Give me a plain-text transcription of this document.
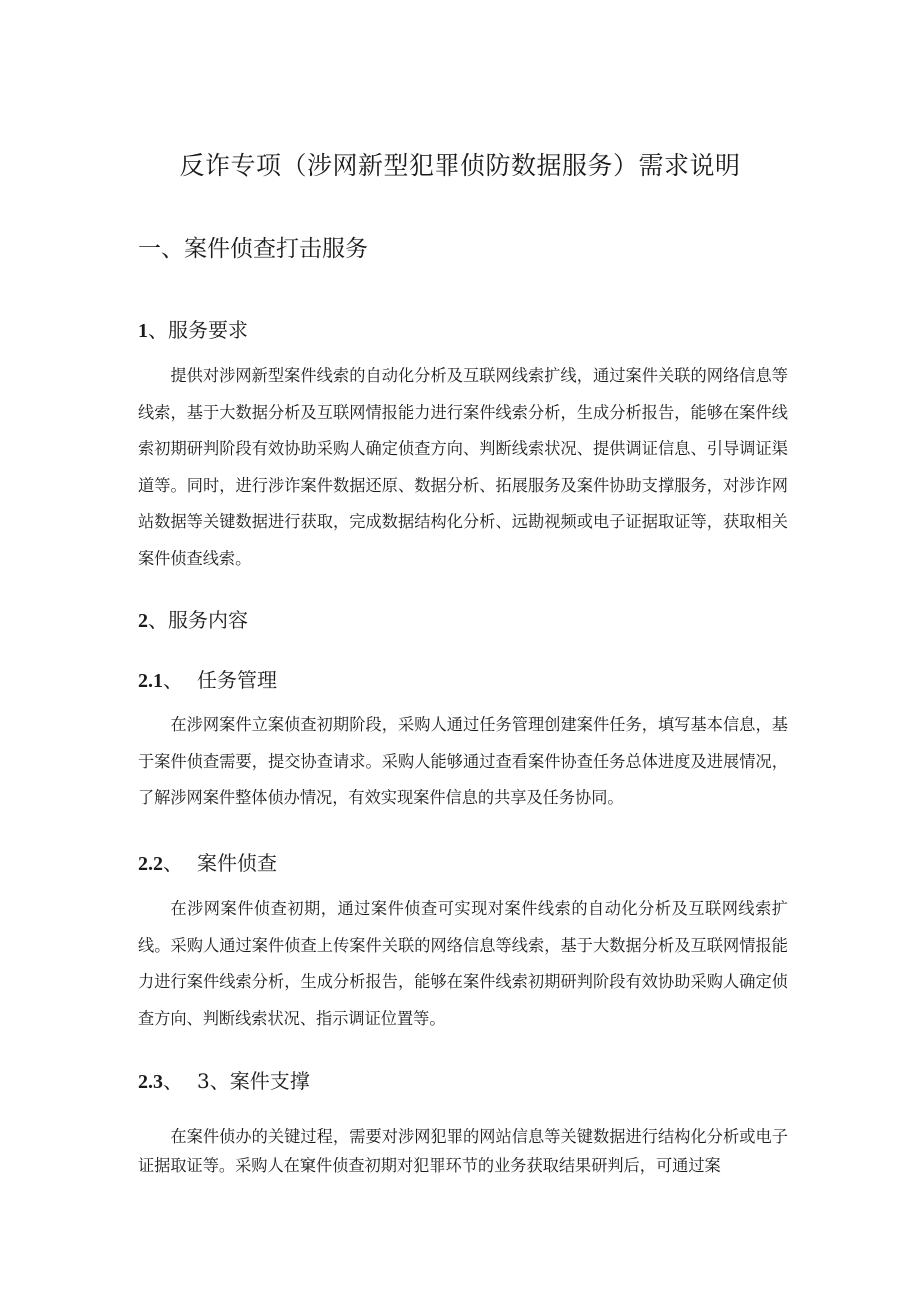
反诈专项（涉网新型犯罪侦防数据服务）需求说明
一、案件侦查打击服务
1、服务要求
提供对涉网新型案件线索的自动化分析及互联网线索扩线，通过案件关联的网络信息等线索，基于大数据分析及互联网情报能力进行案件线索分析，生成分析报告，能够在案件线索初期研判阶段有效协助采购人确定侦查方向、判断线索状况、提供调证信息、引导调证渠道等。同时，进行涉诈案件数据还原、数据分析、拓展服务及案件协助支撑服务，对涉诈网站数据等关键数据进行获取，完成数据结构化分析、远勘视频或电子证据取证等，获取相关案件侦查线索。
2、服务内容
2.1、 任务管理
在涉网案件立案侦查初期阶段，采购人通过任务管理创建案件任务，填写基本信息，基于案件侦查需要，提交协查请求。采购人能够通过查看案件协查任务总体进度及进展情况，了解涉网案件整体侦办情况，有效实现案件信息的共享及任务协同。
2.2、 案件侦查
在涉网案件侦查初期，通过案件侦查可实现对案件线索的自动化分析及互联网线索扩线。采购人通过案件侦查上传案件关联的网络信息等线索，基于大数据分析及互联网情报能力进行案件线索分析，生成分析报告，能够在案件线索初期研判阶段有效协助采购人确定侦查方向、判断线索状况、指示调证位置等。
2.3、 3、案件支撑
在案件侦办的关键过程，需要对涉网犯罪的网站信息等关键数据进行结构化分析或电子证据取证等。采购人在窠件侦查初期对犯罪环节的业务获取结果研判后，可通过案
